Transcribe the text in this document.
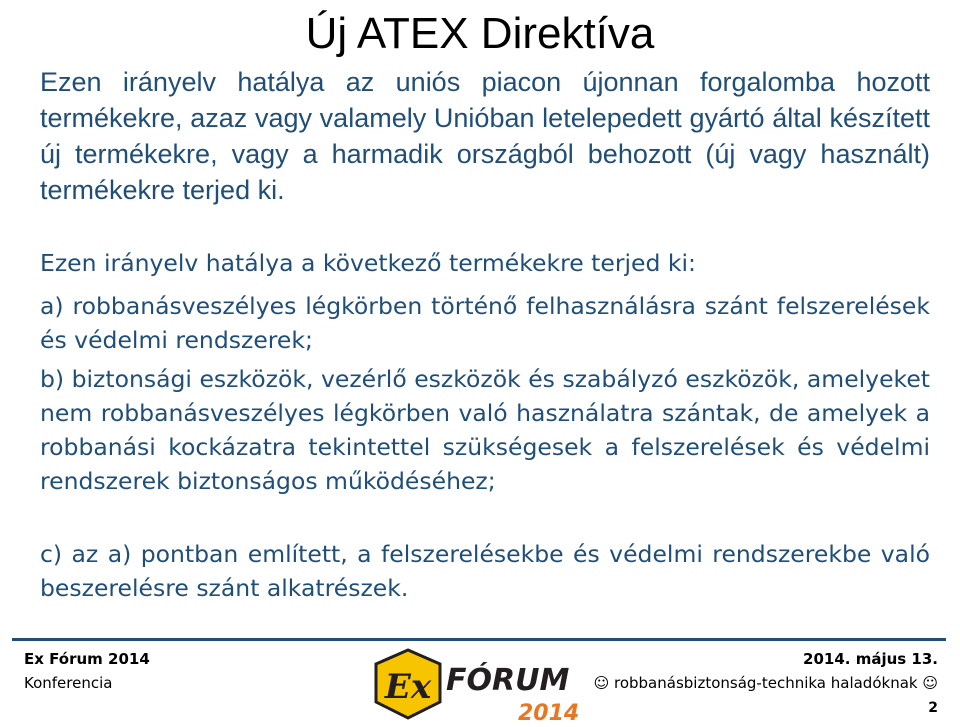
Új ATEX Direktíva
Ezen irányelv hatálya az uniós piacon újonnan forgalomba hozott termékekre, azaz vagy valamely Unióban letelepedett gyártó által készített új termékekre, vagy a harmadik országból behozott (új vagy használt) termékekre terjed ki.
Ezen irányelv hatálya a következő termékekre terjed ki:
a) robbanásveszélyes légkörben történő felhasználásra szánt felszerelések és védelmi rendszerek;
b) biztonsági eszközök, vezérlő eszközök és szabályzó eszközök, amelyeket nem robbanásveszélyes légkörben való használatra szántak, de amelyek a robbanási kockázatra tekintettel szükségesek a felszerelések és védelmi rendszerek biztonságos működéséhez;
c) az a) pontban említett, a felszerelésekbe és védelmi rendszerekbe való beszerelésre szánt alkatrészek.
Ex Fórum 2014
Konferencia
2014. május 13.
☺ robbanásbiztonság-technika haladóknak ☺
2
Ex FÓRUM
2014
